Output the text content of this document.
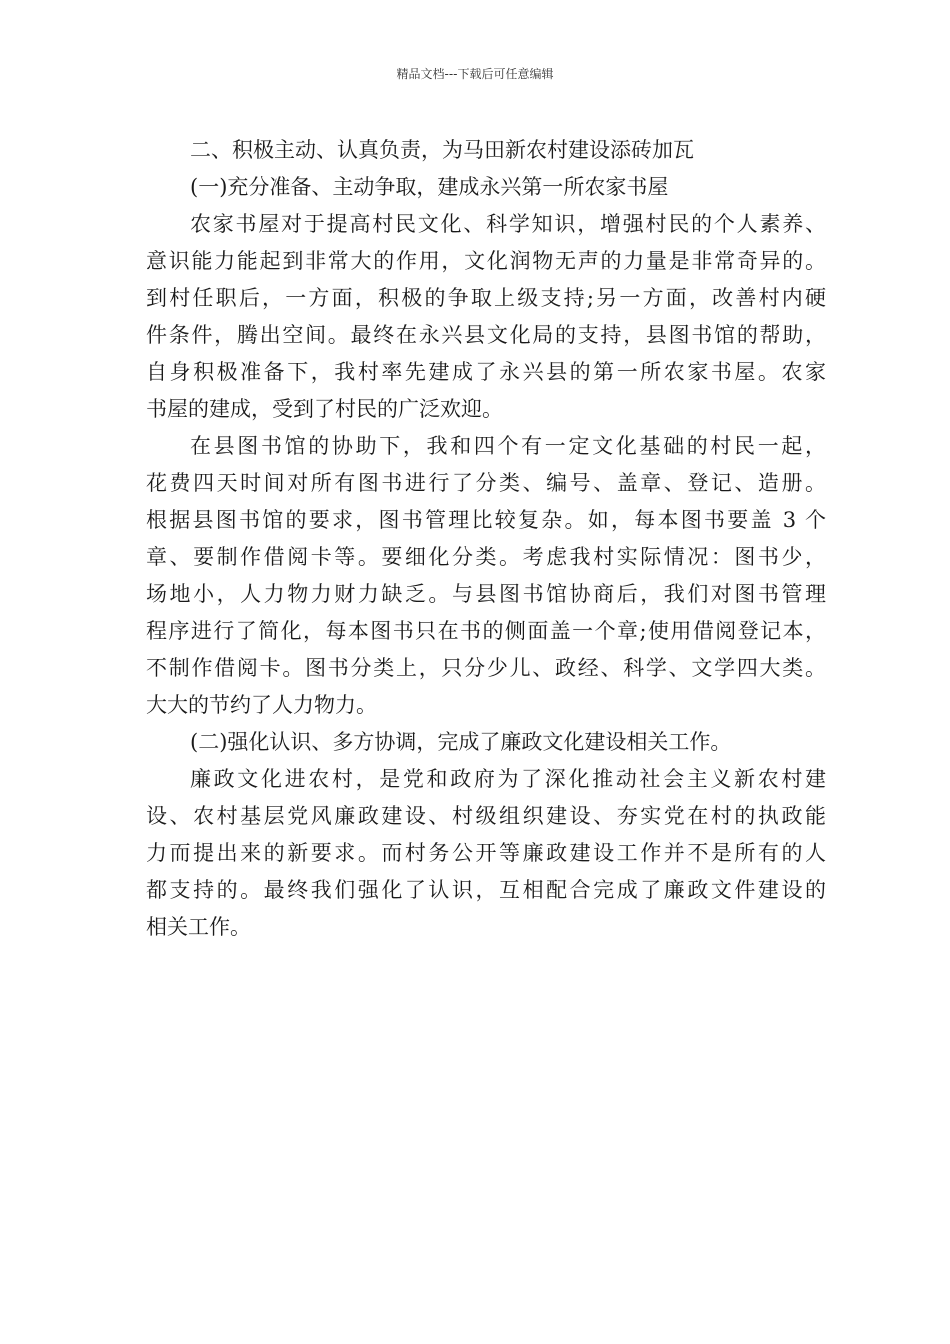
精品文档---下载后可任意编辑

二、积极主动、认真负责，为马田新农村建设添砖加瓦

(一)充分准备、主动争取，建成永兴第一所农家书屋

农家书屋对于提高村民文化、科学知识，增强村民的个人素养、

意识能力能起到非常大的作用，文化润物无声的力量是非常奇异的。

到村任职后，一方面，积极的争取上级支持;另一方面，改善村内硬

件条件，腾出空间。最终在永兴县文化局的支持，县图书馆的帮助，

自身积极准备下，我村率先建成了永兴县的第一所农家书屋。农家

书屋的建成，受到了村民的广泛欢迎。

在县图书馆的协助下，我和四个有一定文化基础的村民一起，

花费四天时间对所有图书进行了分类、编号、盖章、登记、造册。

根据县图书馆的要求，图书管理比较复杂。如，每本图书要盖 3 个

章、要制作借阅卡等。要细化分类。考虑我村实际情况：图书少，

场地小，人力物力财力缺乏。与县图书馆协商后，我们对图书管理

程序进行了简化，每本图书只在书的侧面盖一个章;使用借阅登记本，

不制作借阅卡。图书分类上，只分少儿、政经、科学、文学四大类。

大大的节约了人力物力。

(二)强化认识、多方协调，完成了廉政文化建设相关工作。

廉政文化进农村，是党和政府为了深化推动社会主义新农村建

设、农村基层党风廉政建设、村级组织建设、夯实党在村的执政能

力而提出来的新要求。而村务公开等廉政建设工作并不是所有的人

都支持的。最终我们强化了认识，互相配合完成了廉政文件建设的

相关工作。
